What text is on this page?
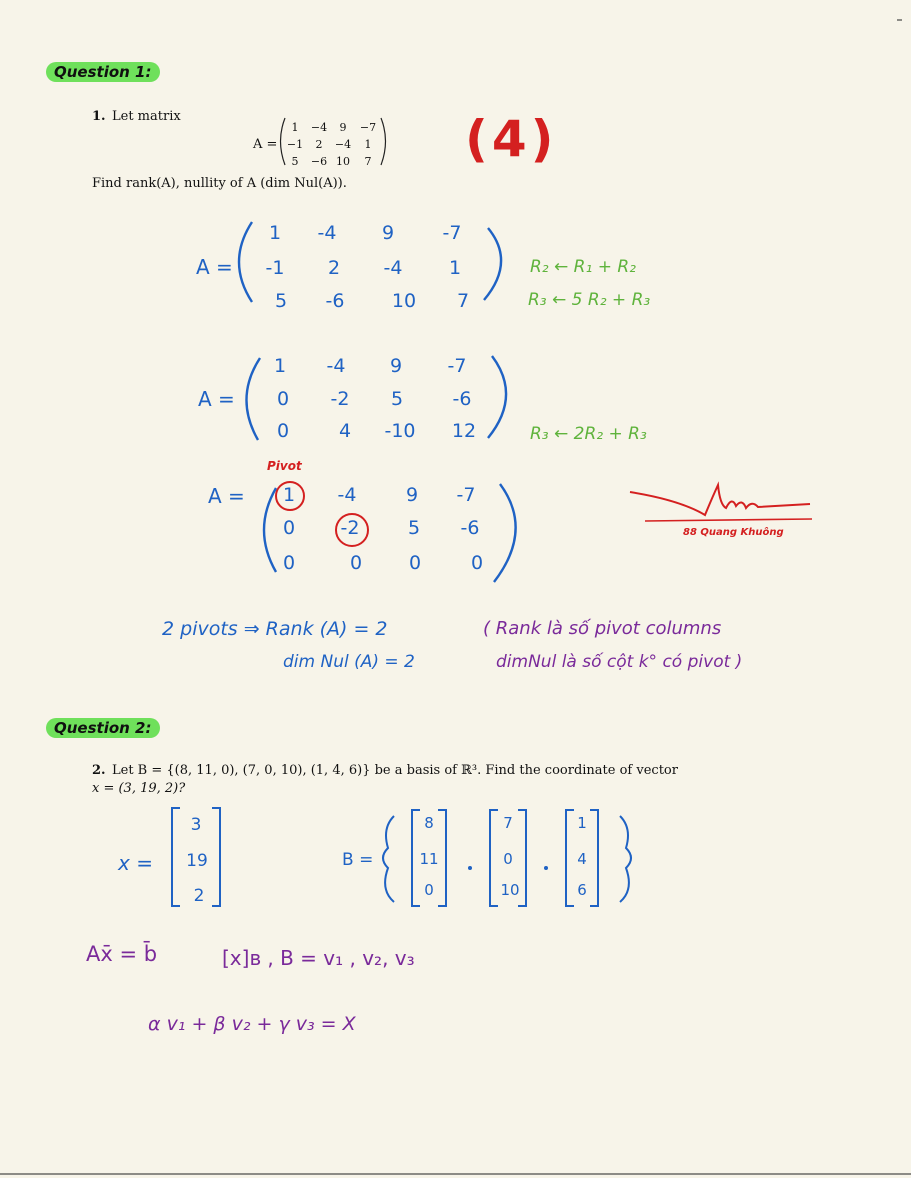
Question 1:
1. Let matrix
A =
1 −4 9 −7
−1 2 −4 1
5 −6 10 7
Find rank(A), nullity of A (dim Nul(A)).
(4)
A =
1 -4 9	-7
-1 2 -4 1
5 -6 10 7
R₂ ← R₁ + R₂
R₃ ← 5 R₂ + R₃
A =
1 -4 9 -7
0 -2 5	-6
0	4 -10 12	R₃ ← 2R₂ + R₃
Pivot
A = 1 -4	9 -7
0 -2	5 -6
0	0 0	0
88 Quang Khuông
2 pivots ⇒ Rank (A) = 2
dim Nul (A) = 2
( Rank là số pivot columns
dimNul là số cột k° có pivot )
Question 2:
2. Let B = {(8, 11, 0), (7, 0, 10), (1, 4, 6)} be a basis of ℝ³. Find the coordinate of vector
x = (3, 19, 2)?
x =
3
19
2
B =
8
11
0
7
0
10
1
4
6
Ax̄ = b̄	[x]ʙ , B = v₁ , v₂, v₃
α v₁ + β v₂ + γ v₃ = X
